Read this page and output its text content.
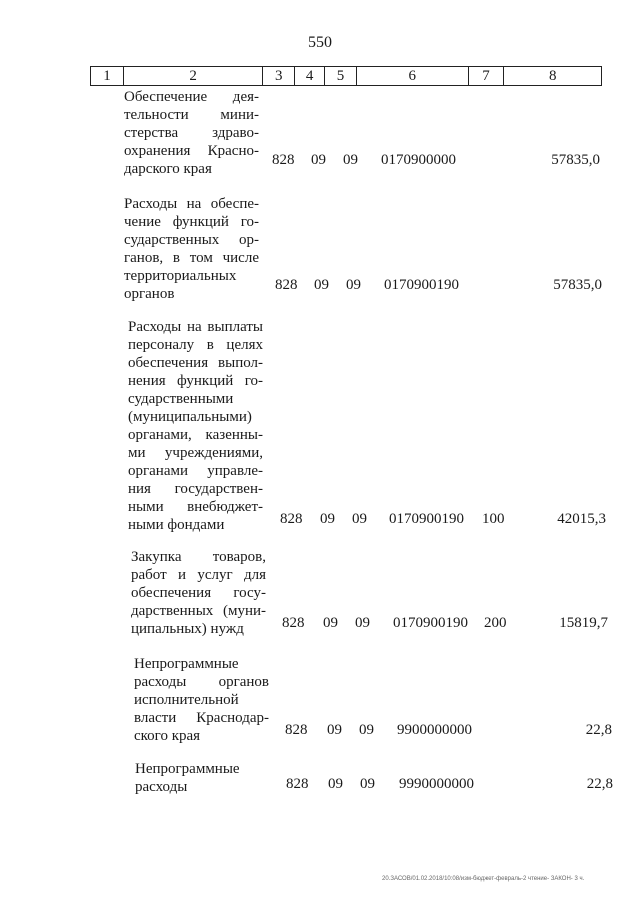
550
1	2	3	4	5	6	7	8
Обеспечение дея-
тельности мини-
стерства здраво-
охранения Красно-
дарского края
828 09 09 0170900000	57835,0
Расходы на обеспе-
чение функций го-
сударственных ор-
ганов, в том числе
территориальных
органов
828 09 09 0170900190	57835,0
Расходы на выплаты
персоналу в целях
обеспечения выпол-
нения функций го-
сударственными
(муниципальными)
органами, казенны-
ми учреждениями,
органами управле-
ния государствен-
ными внебюджет-
ными фондами	828 09 09 0170900190 100	42015,3
Закупка товаров,
работ и услуг для
обеспечения госу-
дарственных (муни-
ципальных) нужд	828 09 09 0170900190 200	15819,7
Непрограммные
расходы органов
исполнительной
власти Краснодар-
ского края	828 09 09 9900000000	22,8
Непрограммные
расходы	828 09 09 9990000000	22,8
20.ЗАСОВ/01.02.2018/10:08/изм-бюджет-февраль-2 чтение- ЗАКОН- 3 ч.
